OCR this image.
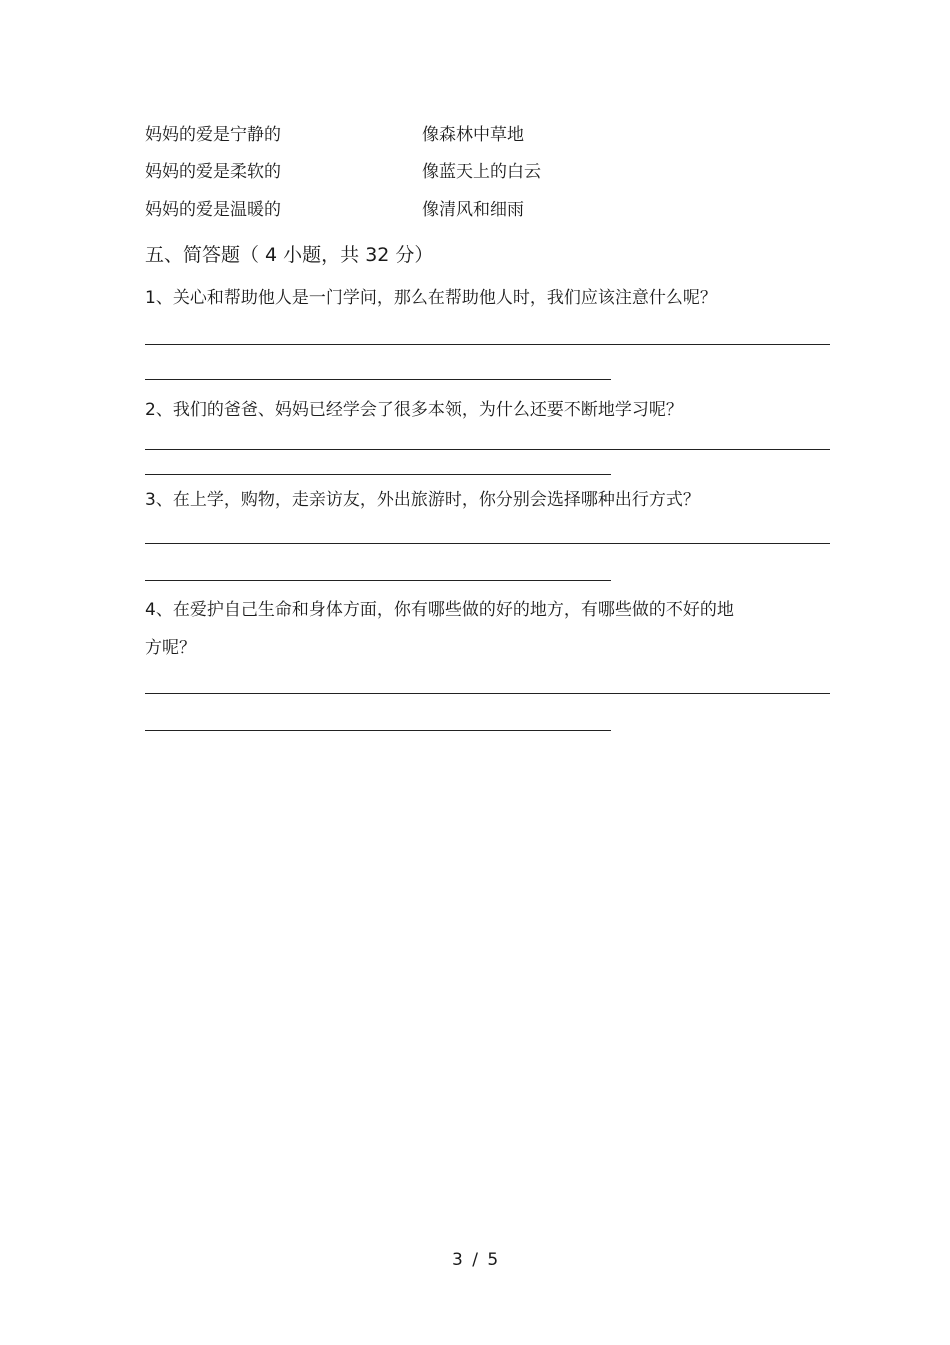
妈妈的爱是宁静的	像森林中草地
妈妈的爱是柔软的	像蓝天上的白云
妈妈的爱是温暖的	像清风和细雨
五、简答题（ 4 小题，共 32 分）
1、关心和帮助他人是一门学问，那么在帮助他人时，我们应该注意什么呢？
2、我们的爸爸、妈妈已经学会了很多本领，为什么还要不断地学习呢？
3、在上学，购物，走亲访友，外出旅游时，你分别会选择哪种出行方式？
4、在爱护自己生命和身体方面，你有哪些做的好的地方，有哪些做的不好的地
方呢？
3 / 5
